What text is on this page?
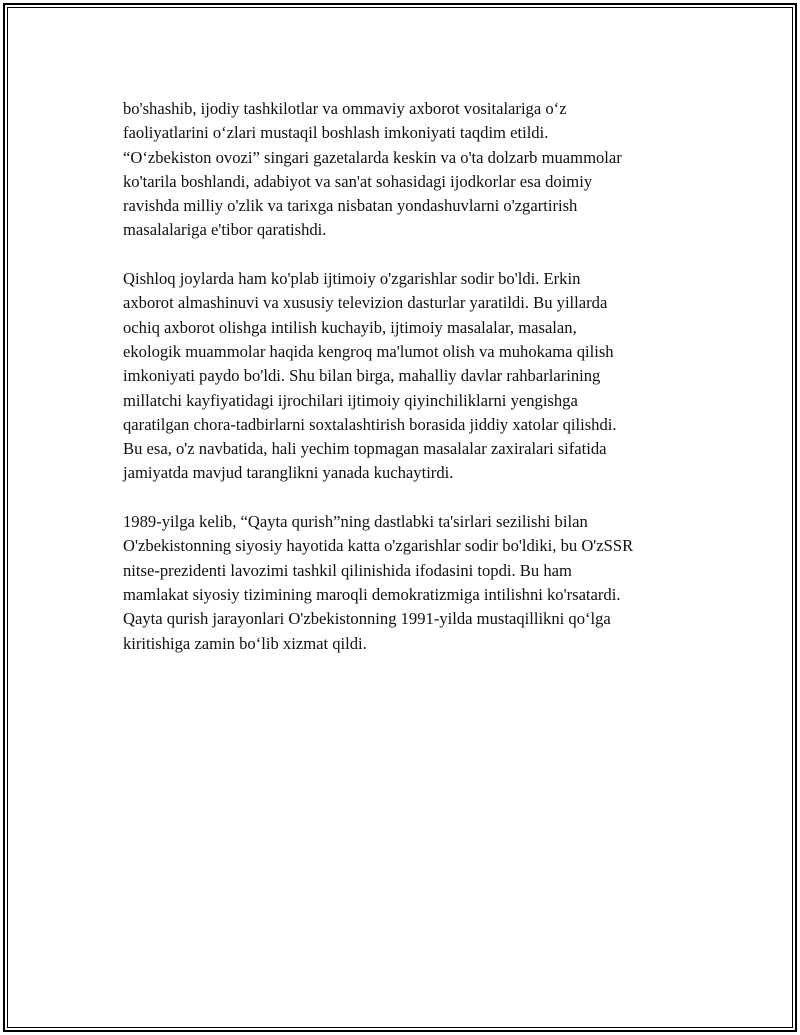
bo'shashib, ijodiy tashkilotlar va ommaviy axborot vositalariga o‘z
faoliyatlarini o‘zlari mustaqil boshlash imkoniyati taqdim etildi.
“O‘zbekiston ovozi” singari gazetalarda keskin va o'ta dolzarb muammolar
ko'tarila boshlandi, adabiyot va san'at sohasidagi ijodkorlar esa doimiy
ravishda milliy o'zlik va tarixga nisbatan yondashuvlarni o'zgartirish
masalalariga e'tibor qaratishdi.
Qishloq joylarda ham ko'plab ijtimoiy o'zgarishlar sodir bo'ldi. Erkin
axborot almashinuvi va xususiy televizion dasturlar yaratildi. Bu yillarda
ochiq axborot olishga intilish kuchayib, ijtimoiy masalalar, masalan,
ekologik muammolar haqida kengroq ma'lumot olish va muhokama qilish
imkoniyati paydo bo'ldi. Shu bilan birga, mahalliy davlar rahbarlarining
millatchi kayfiyatidagi ijrochilari ijtimoiy qiyinchiliklarni yengishga
qaratilgan chora-tadbirlarni soxtalashtirish borasida jiddiy xatolar qilishdi.
Bu esa, o'z navbatida, hali yechim topmagan masalalar zaxiralari sifatida
jamiyatda mavjud taranglikni yanada kuchaytirdi.
1989-yilga kelib, “Qayta qurish”ning dastlabki ta'sirlari sezilishi bilan
O'zbekistonning siyosiy hayotida katta o'zgarishlar sodir bo'ldiki, bu O'zSSR
nitse-prezidenti lavozimi tashkil qilinishida ifodasini topdi. Bu ham
mamlakat siyosiy tizimining maroqli demokratizmiga intilishni ko'rsatardi.
Qayta qurish jarayonlari O'zbekistonning 1991-yilda mustaqillikni qo‘lga
kiritishiga zamin bo‘lib xizmat qildi.
